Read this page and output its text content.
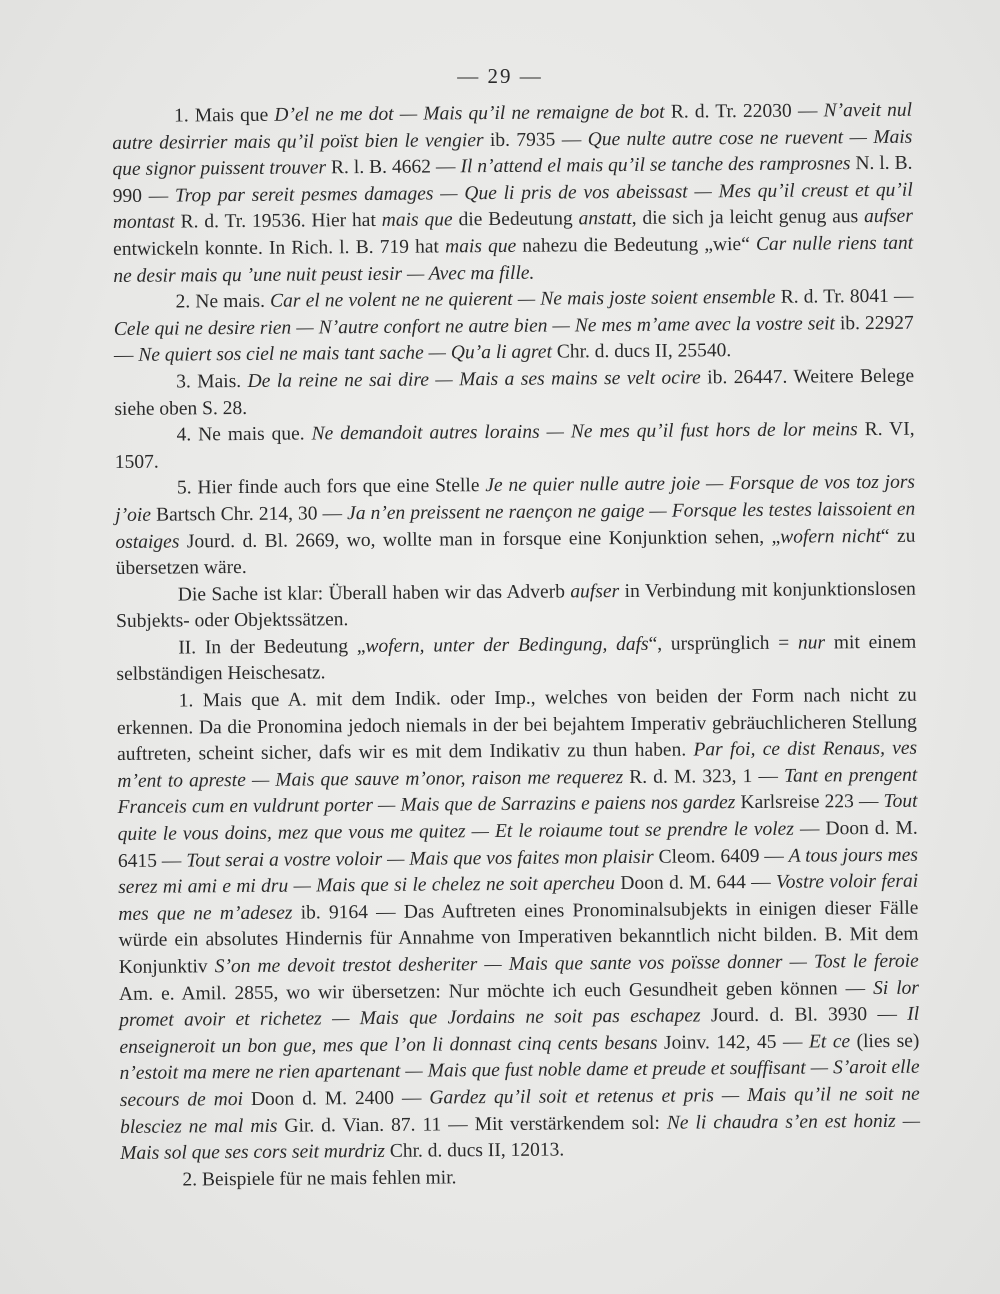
— 29 —

1. Mais que D’el ne me dot — Mais qu’il ne remaigne de bot R. d. Tr. 22030 — N’aveit nul autre desirrier mais qu’il poïst bien le vengier ib. 7935 — Que nulte autre cose ne ruevent — Mais que signor puissent trouver R. l. B. 4662 — Il n’attend el mais qu’il se tanche des ramprosnes N. l. B. 990 — Trop par sereit pesmes damages — Que li pris de vos abeissast — Mes qu’il creust et qu’il montast R. d. Tr. 19536. Hier hat mais que die Bedeutung anstatt, die sich ja leicht genug aus aufser entwickeln konnte. In Rich. l. B. 719 hat mais que nahezu die Bedeutung „wie“ Car nulle riens tant ne desir mais qu ’une nuit peust iesir — Avec ma fille.

2. Ne mais. Car el ne volent ne ne quierent — Ne mais joste soient ensemble R. d. Tr. 8041 — Cele qui ne desire rien — N’autre confort ne autre bien — Ne mes m’ame avec la vostre seit ib. 22927 — Ne quiert sos ciel ne mais tant sache — Qu’a li agret Chr. d. ducs II, 25540.

3. Mais. De la reine ne sai dire — Mais a ses mains se velt ocire ib. 26447. Weitere Belege siehe oben S. 28.

4. Ne mais que. Ne demandoit autres lorains — Ne mes qu’il fust hors de lor meins R. VI, 1507.

5. Hier finde auch fors que eine Stelle Je ne quier nulle autre joie — Forsque de vos toz jors j’oie Bartsch Chr. 214, 30 — Ja n’en preissent ne raençon ne gaige — Forsque les testes laissoient en ostaiges Jourd. d. Bl. 2669, wo, wollte man in forsque eine Konjunktion sehen, „wofern nicht“ zu übersetzen wäre.

Die Sache ist klar: Überall haben wir das Adverb aufser in Verbindung mit konjunktionslosen Subjekts- oder Objektssätzen.

II. In der Bedeutung „wofern, unter der Bedingung, dafs“, ursprünglich = nur mit einem selbständigen Heischesatz.

1. Mais que A. mit dem Indik. oder Imp., welches von beiden der Form nach nicht zu erkennen. Da die Pronomina jedoch niemals in der bei bejahtem Imperativ gebräuchlicheren Stellung auftreten, scheint sicher, dafs wir es mit dem Indikativ zu thun haben. Par foi, ce dist Renaus, ves m’ent to apreste — Mais que sauve m’onor, raison me requerez R. d. M. 323, 1 — Tant en prengent Franceis cum en vuldrunt porter — Mais que de Sarrazins e paiens nos gardez Karlsreise 223 — Tout quite le vous doins, mez que vous me quitez — Et le roiaume tout se prendre le volez — Doon d. M. 6415 — Tout serai a vostre voloir — Mais que vos faites mon plaisir Cleom. 6409 — A tous jours mes serez mi ami e mi dru — Mais que si le chelez ne soit apercheu Doon d. M. 644 — Vostre voloir ferai mes que ne m’adesez ib. 9164 — Das Auftreten eines Pronominalsubjekts in einigen dieser Fälle würde ein absolutes Hindernis für Annahme von Imperativen bekanntlich nicht bilden. B. Mit dem Konjunktiv S’on me devoit trestot desheriter — Mais que sante vos poïsse donner — Tost le feroie Am. e. Amil. 2855, wo wir übersetzen: Nur möchte ich euch Gesundheit geben können — Si lor promet avoir et richetez — Mais que Jordains ne soit pas eschapez Jourd. d. Bl. 3930 — Il enseigneroit un bon gue, mes que l’on li donnast cinq cents besans Joinv. 142, 45 — Et ce (lies se) n’estoit ma mere ne rien apartenant — Mais que fust noble dame et preude et souffisant — S’aroit elle secours de moi Doon d. M. 2400 — Gardez qu’il soit et retenus et pris — Mais qu’il ne soit ne blesciez ne mal mis Gir. d. Vian. 87. 11 — Mit verstärkendem sol: Ne li chaudra s’en est honiz — Mais sol que ses cors seit murdriz Chr. d. ducs II, 12013.

2. Beispiele für ne mais fehlen mir.
